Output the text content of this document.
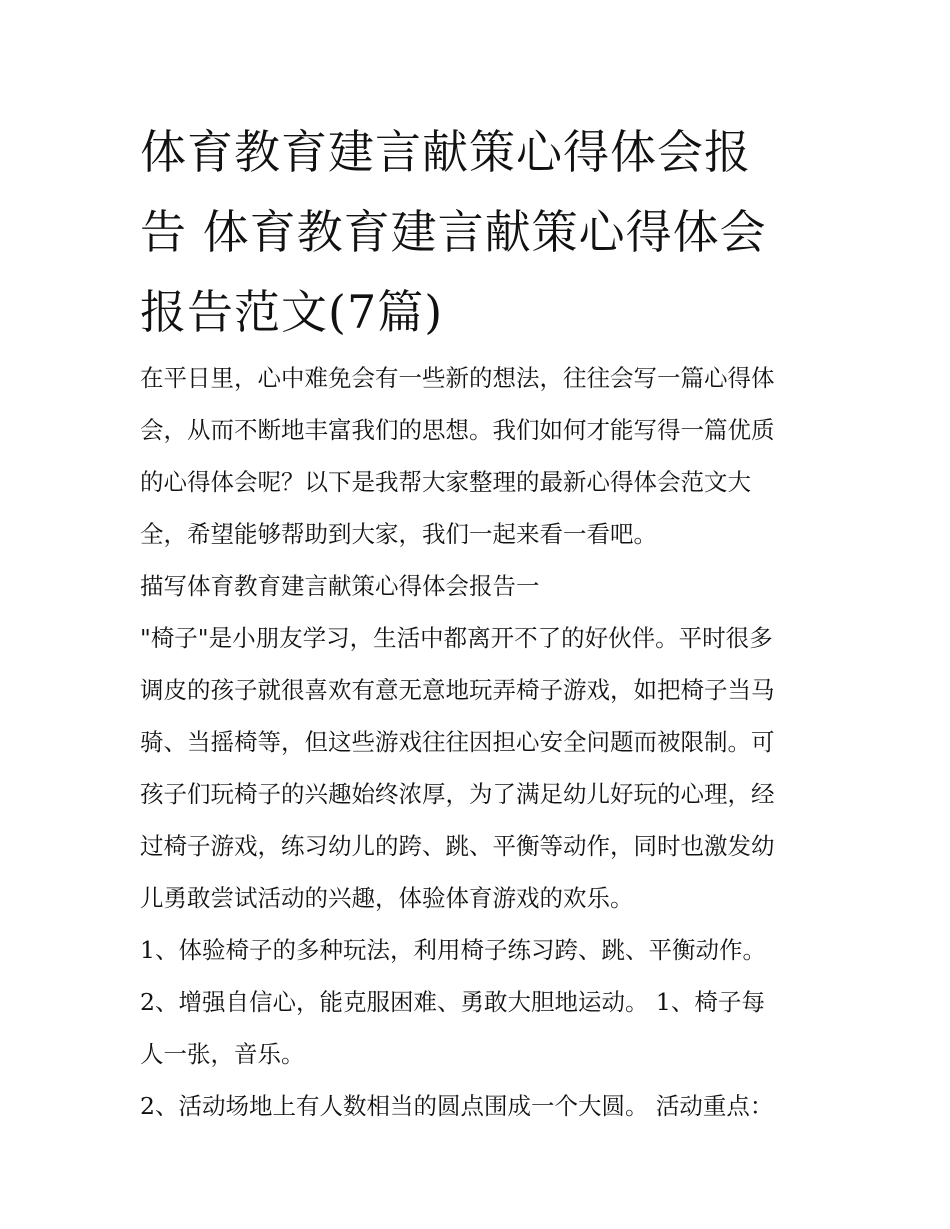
体育教育建言献策心得体会报
告 体育教育建言献策心得体会
报告范文(7篇)
在平日里，心中难免会有一些新的想法，往往会写一篇心得体
会，从而不断地丰富我们的思想。我们如何才能写得一篇优质
的心得体会呢？以下是我帮大家整理的最新心得体会范文大
全，希望能够帮助到大家，我们一起来看一看吧。
描写体育教育建言献策心得体会报告一
"椅子"是小朋友学习，生活中都离开不了的好伙伴。平时很多
调皮的孩子就很喜欢有意无意地玩弄椅子游戏，如把椅子当马
骑、当摇椅等，但这些游戏往往因担心安全问题而被限制。可
孩子们玩椅子的兴趣始终浓厚，为了满足幼儿好玩的心理，经
过椅子游戏，练习幼儿的跨、跳、平衡等动作，同时也激发幼
儿勇敢尝试活动的兴趣，体验体育游戏的欢乐。
1、体验椅子的多种玩法，利用椅子练习跨、跳、平衡动作。
2、增强自信心，能克服困难、勇敢大胆地运动。 1、椅子每
人一张，音乐。
2、活动场地上有人数相当的圆点围成一个大圆。 活动重点：
